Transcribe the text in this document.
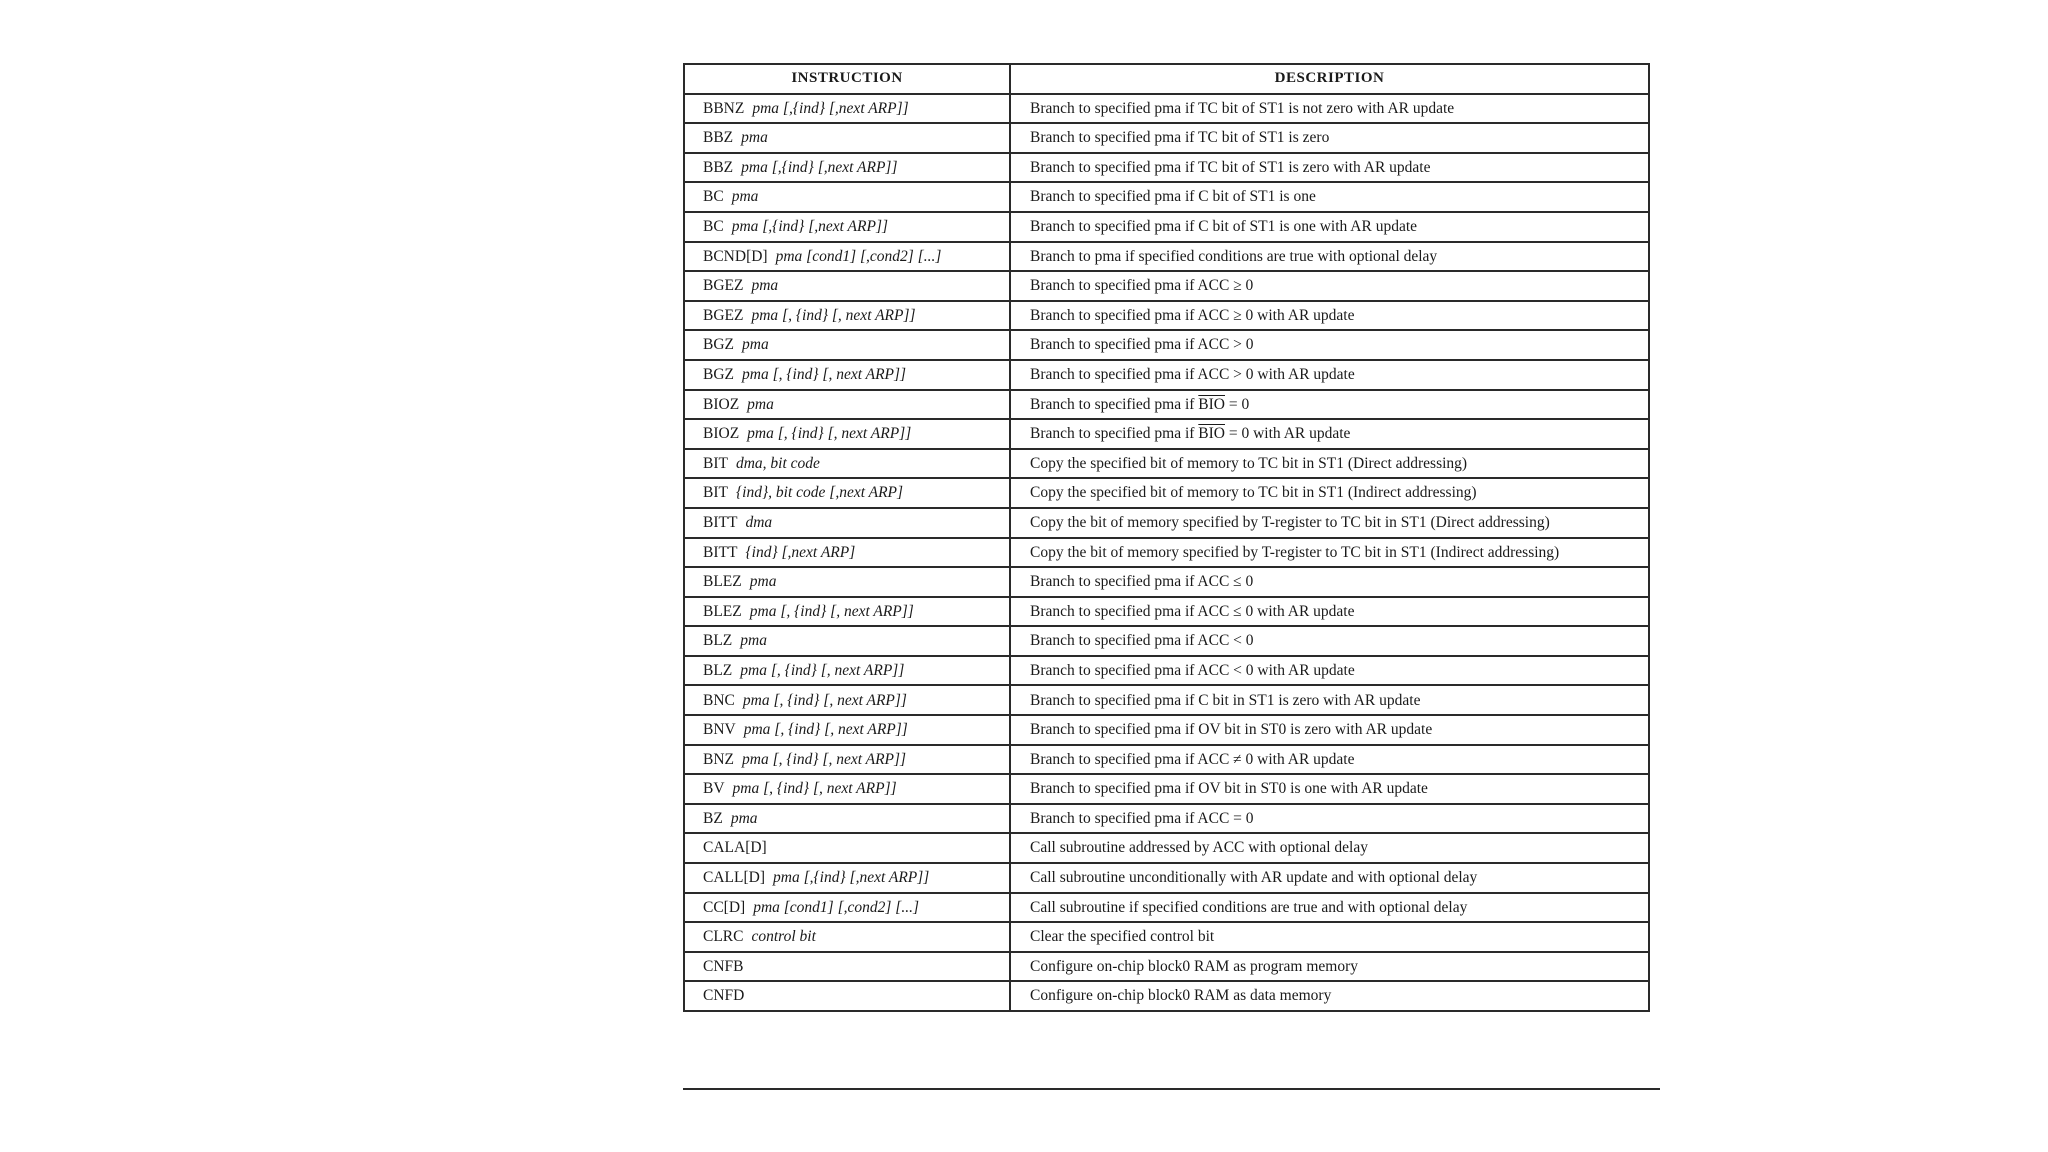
INSTRUCTION	DESCRIPTION
BBNZ pma [,{ind} [,next ARP]]	Branch to specified pma if TC bit of ST1 is not zero with AR update
BBZ pma	Branch to specified pma if TC bit of ST1 is zero
BBZ pma [,{ind} [,next ARP]]	Branch to specified pma if TC bit of ST1 is zero with AR update
BC pma	Branch to specified pma if C bit of ST1 is one
BC pma [,{ind} [,next ARP]]	Branch to specified pma if C bit of ST1 is one with AR update
BCND[D] pma [cond1] [,cond2] [...]	Branch to pma if specified conditions are true with optional delay
BGEZ pma	Branch to specified pma if ACC ≥ 0
BGEZ pma [, {ind} [, next ARP]]	Branch to specified pma if ACC ≥ 0 with AR update
BGZ pma	Branch to specified pma if ACC > 0
BGZ pma [, {ind} [, next ARP]]	Branch to specified pma if ACC > 0 with AR update
BIOZ pma	Branch to specified pma if $\overline{BIO} = 0$
BIOZ pma [, {ind} [, next ARP]]	Branch to specified pma if $\overline{BIO} = 0$ with AR update
BIT dma, bit code	Copy the specified bit of memory to TC bit in ST1 (Direct addressing)
BIT {ind}, bit code [,next ARP]	Copy the specified bit of memory to TC bit in ST1 (Indirect addressing)
BITT dma	Copy the bit of memory specified by T-register to TC bit in ST1 (Direct addressing)
BITT {ind} [,next ARP]	Copy the bit of memory specified by T-register to TC bit in ST1 (Indirect addressing)
BLEZ pma	Branch to specified pma if ACC ≤ 0
BLEZ pma [, {ind} [, next ARP]]	Branch to specified pma if ACC ≤ 0 with AR update
BLZ pma	Branch to specified pma if ACC < 0
BLZ pma [, {ind} [, next ARP]]	Branch to specified pma if ACC < 0 with AR update
BNC pma [, {ind} [, next ARP]]	Branch to specified pma if C bit in ST1 is zero with AR update
BNV pma [, {ind} [, next ARP]]	Branch to specified pma if OV bit in ST0 is zero with AR update
BNZ pma [, {ind} [, next ARP]]	Branch to specified pma if ACC ≠ 0 with AR update
BV pma [, {ind} [, next ARP]]	Branch to specified pma if OV bit in ST0 is one with AR update
BZ pma	Branch to specified pma if ACC = 0
CALA[D]	Call subroutine addressed by ACC with optional delay
CALL[D] pma [,{ind} [,next ARP]]	Call subroutine unconditionally with AR update and with optional delay
CC[D] pma [cond1] [,cond2] [...]	Call subroutine if specified conditions are true and with optional delay
CLRC control bit	Clear the specified control bit
CNFB	Configure on-chip block0 RAM as program memory
CNFD	Configure on-chip block0 RAM as data memory
